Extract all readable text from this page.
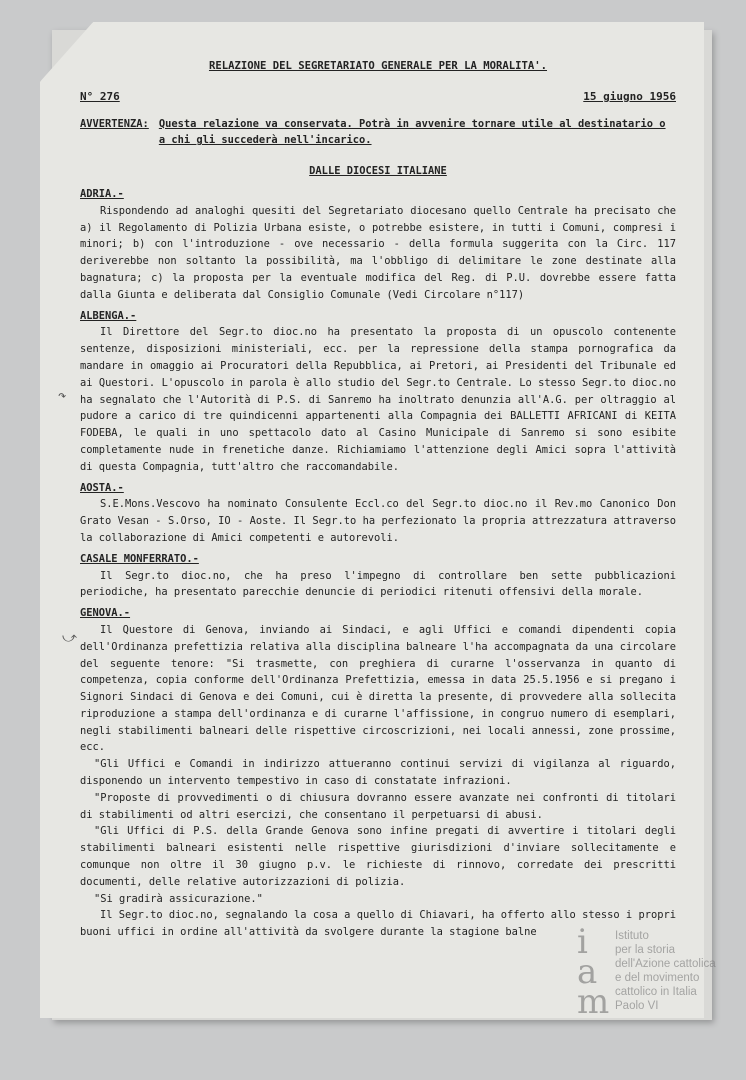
RELAZIONE DEL SEGRETARIATO GENERALE PER LA MORALITA'.
N° 276	15 giugno 1956
AVVERTENZA: Questa relazione va conservata. Potrà in avvenire tornare utile al destinatario o a chi gli succederà nell'incarico.
DALLE DIOCESI ITALIANE
ADRIA.-

Rispondendo ad analoghi quesiti del Segretariato diocesano quello Centrale ha precisato che a) il Regolamento di Polizia Urbana esiste, o potrebbe esistere, in tutti i Comuni, compresi i minori; b) con l'introduzione - ove necessario - della formula suggerita con la Circ. 117 deriverebbe non soltanto la possibilità, ma l'obbligo di delimitare le zone destinate alla bagnatura; c) la proposta per la eventuale modifica del Reg. di P.U. dovrebbe essere fatta dalla Giunta e deliberata dal Consiglio Comunale (Vedi Circolare n°117)

ALBENGA.-

Il Direttore del Segr.to dioc.no ha presentato la proposta di un opuscolo contenente sentenze, disposizioni ministeriali, ecc. per la repressione della stampa pornografica da mandare in omaggio ai Procuratori della Repubblica, ai Pretori, ai Presidenti del Tribunale ed ai Questori. L'opuscolo in parola è allo studio del Segr.to Centrale. Lo stesso Segr.to dioc.no ha segnalato che l'Autorità di P.S. di Sanremo ha inoltrato denunzia all'A.G. per oltraggio al pudore a carico di tre quindicenni appartenenti alla Compagnia dei BALLETTI AFRICANI di KEITA FODEBA, le quali in uno spettacolo dato al Casino Municipale di Sanremo si sono esibite completamente nude in frenetiche danze. Richiamiamo l'attenzione degli Amici sopra l'attività di questa Compagnia, tutt'altro che raccomandabile.

AOSTA.-

S.E.Mons.Vescovo ha nominato Consulente Eccl.co del Segr.to dioc.no il Rev.mo Canonico Don Grato Vesan - S.Orso, IO - Aoste. Il Segr.to ha perfezionato la propria attrezzatura attraverso la collaborazione di Amici competenti e autorevoli.

CASALE MONFERRATO.-

Il Segr.to dioc.no, che ha preso l'impegno di controllare ben sette pubblicazioni periodiche, ha presentato parecchie denuncie di periodici ritenuti offensivi della morale.

GENOVA.-

Il Questore di Genova, inviando ai Sindaci, e agli Uffici e comandi dipendenti copia dell'Ordinanza prefettizia relativa alla disciplina balneare l'ha accompagnata da una circolare del seguente tenore: "Si trasmette, con preghiera di curarne l'osservanza in quanto di competenza, copia conforme dell'Ordinanza Prefettizia, emessa in data 25.5.1956 e si pregano i Signori Sindaci di Genova e dei Comuni, cui è diretta la presente, di provvedere alla sollecita riproduzione a stampa dell'ordinanza e di curarne l'affissione, in congruo numero di esemplari, negli stabilimenti balneari delle rispettive circoscrizioni, nei locali annessi, zone prossime, ecc.

"Gli Uffici e Comandi in indirizzo attueranno continui servizi di vigilanza al riguardo, disponendo un intervento tempestivo in caso di constatate infrazioni.

"Proposte di provvedimenti o di chiusura dovranno essere avanzate nei confronti di titolari di stabilimenti od altri esercizi, che consentano il perpetuarsi di abusi.

"Gli Uffici di P.S. della Grande Genova sono infine pregati di avvertire i titolari degli stabilimenti balneari esistenti nelle rispettive giurisdizioni d'inviare sollecitamente e comunque non oltre il 30 giugno p.v. le richieste di rinnovo, corredate dei prescritti documenti, delle relative autorizzazioni di polizia.

"Si gradirà assicurazione."

Il Segr.to dioc.no, segnalando la cosa a quello di Chiavari, ha offerto allo stesso i propri buoni uffici in ordine all'attività da svolgere durante la stagione balne

↷
⤻
i
a
m
Istituto
per la storia
dell'Azione cattolica
e del movimento
cattolico in Italia
Paolo VI
